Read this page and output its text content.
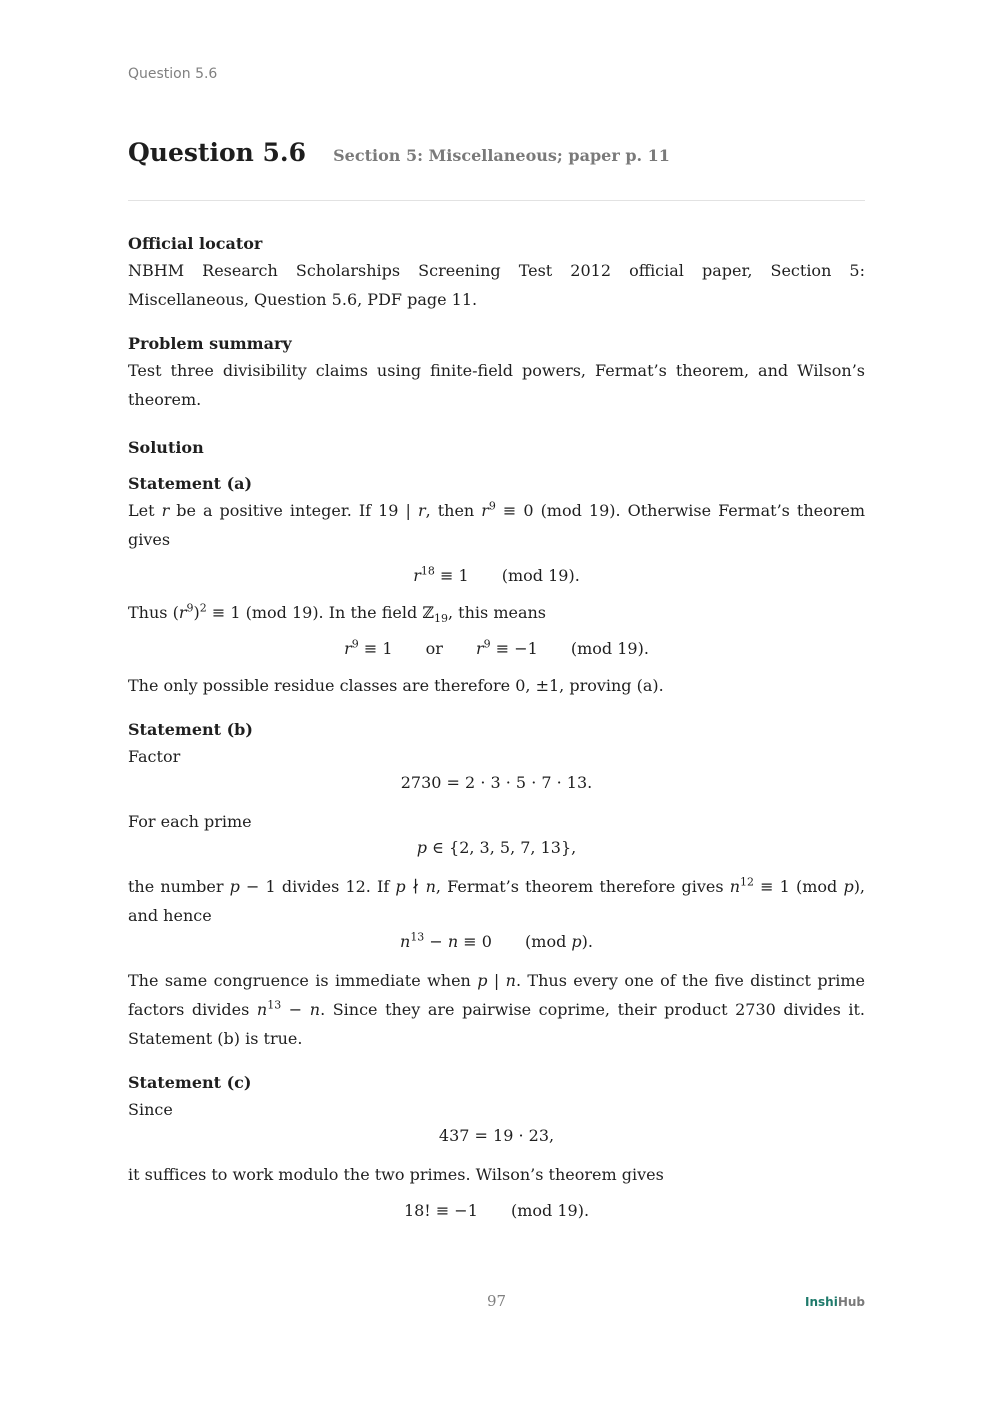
Question 5.6
Question 5.6 Section 5: Miscellaneous; paper p. 11
Official locator

NBHM Research Scholarships Screening Test 2012 official paper, Section 5: Miscellaneous, Question 5.6, PDF page 11.

Problem summary

Test three divisibility claims using finite-field powers, Fermat’s theorem, and Wilson’s theorem.

Solution
Statement (a)

Let r be a positive integer. If 19 | r, then $r^9 \equiv 0$ (mod 19). Otherwise Fermat’s theorem gives

$r^{18} \equiv 1$ (mod 19).

Thus $(r^9)^2 \equiv 1$ (mod 19). In the field ℤ$_{19}$, this means

$r^9 \equiv 1$ or $r^9 \equiv -1$ (mod 19).

The only possible residue classes are therefore 0, ±1, proving (a).

Statement (b)

Factor

2730 = 2 · 3 · 5 · 7 · 13.

For each prime

p ∈ {2, 3, 5, 7, 13},

the number p − 1 divides 12. If p ∤ n, Fermat’s theorem therefore gives $n^{12} \equiv 1$ (mod p), and hence

$n^{13} - n \equiv 0$ (mod p).

The same congruence is immediate when p | n. Thus every one of the five distinct prime factors divides $n^{13} - n$. Since they are pairwise coprime, their product 2730 divides it. Statement (b) is true.

Statement (c)

Since

437 = 19 · 23,

it suffices to work modulo the two primes. Wilson’s theorem gives

18! ≡ −1 (mod 19).
97	InshiHub
